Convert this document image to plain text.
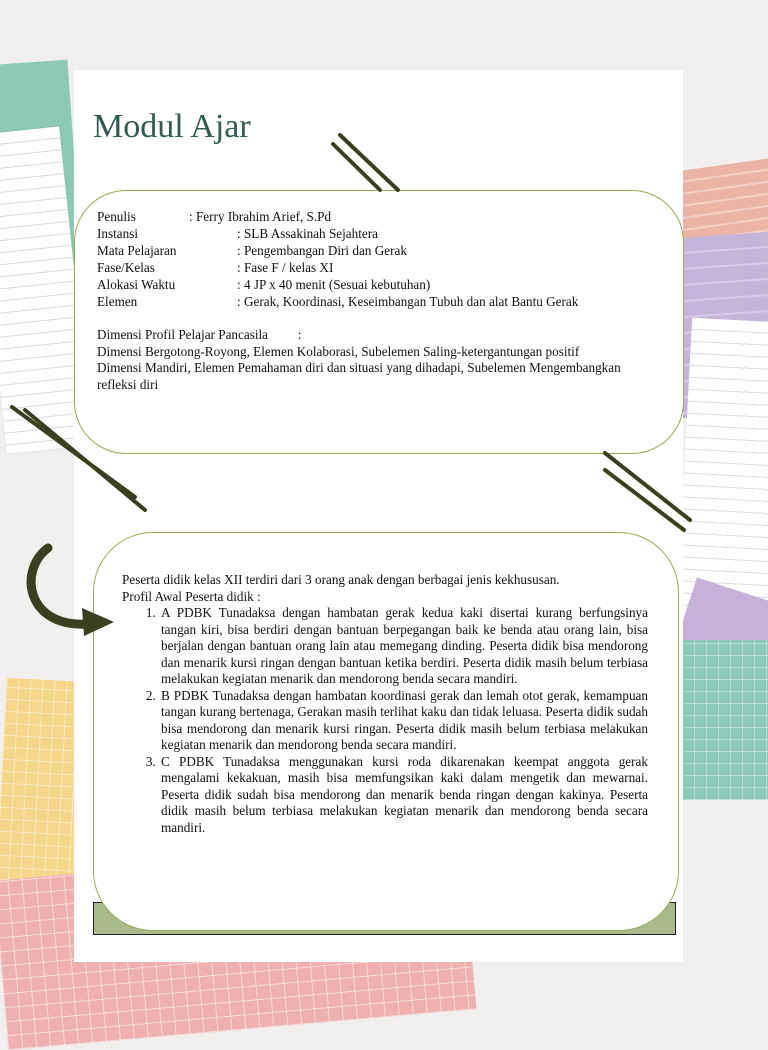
Modul Ajar
Penulis	: Ferry Ibrahim Arief, S.Pd
Instansi	: SLB Assakinah Sejahtera
Mata Pelajaran	: Pengembangan Diri dan Gerak
Fase/Kelas	: Fase F / kelas XI
Alokasi Waktu	: 4 JP x 40 menit (Sesuai kebutuhan)
Elemen	: Gerak, Koordinasi, Keseimbangan Tubuh dan alat Bantu Gerak

Dimensi Profil Pelajar Pancasila         :

Dimensi Bergotong-Royong, Elemen Kolaborasi, Subelemen Saling-ketergantungan positif

Dimensi Mandiri, Elemen Pemahaman diri dan situasi yang dihadapi, Subelemen Mengembangkan refleksi diri

Peserta didik kelas XII terdiri dari 3 orang anak dengan berbagai jenis kekhususan.

Profil Awal Peserta didik :

1. A PDBK Tunadaksa dengan hambatan gerak kedua kaki disertai kurang berfungsinya tangan kiri, bisa berdiri dengan bantuan berpegangan baik ke benda atau orang lain, bisa berjalan dengan bantuan orang lain atau memegang dinding. Peserta didik bisa mendorong dan menarik kursi ringan dengan bantuan ketika berdiri. Peserta didik masih belum terbiasa melakukan kegiatan menarik dan mendorong benda secara mandiri.
2. B PDBK Tunadaksa dengan hambatan koordinasi gerak dan lemah otot gerak, kemampuan tangan kurang bertenaga, Gerakan masih terlihat kaku dan tidak leluasa. Peserta didik sudah bisa mendorong dan menarik kursi ringan. Peserta didik masih belum terbiasa melakukan kegiatan menarik dan mendorong benda secara mandiri.
3. C PDBK Tunadaksa menggunakan kursi roda dikarenakan keempat anggota gerak mengalami kekakuan, masih bisa memfungsikan kaki dalam mengetik dan mewarnai. Peserta didik sudah bisa mendorong dan menarik benda ringan dengan kakinya. Peserta didik masih belum terbiasa melakukan kegiatan menarik dan mendorong benda secara mandiri.
